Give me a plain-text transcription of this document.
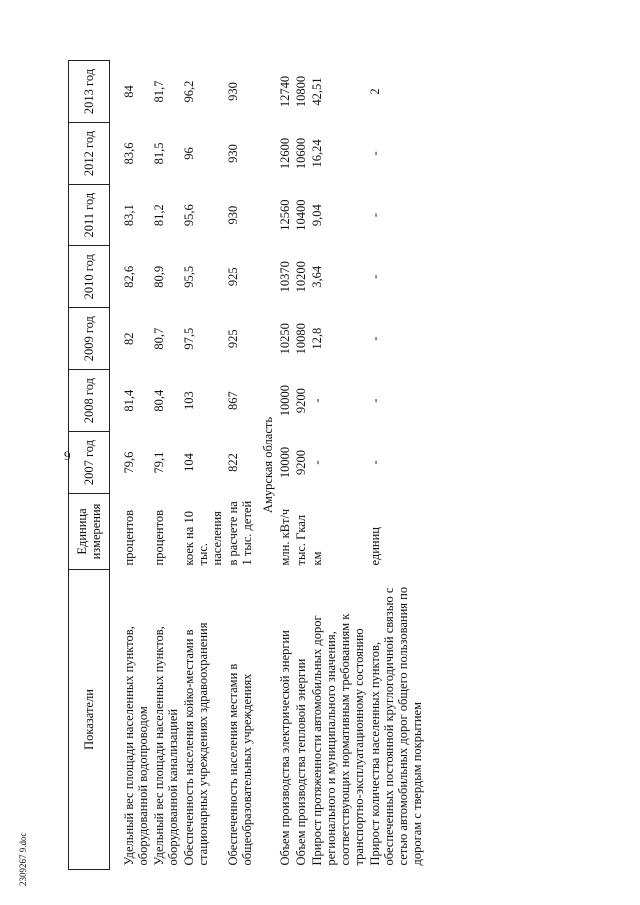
9
2309267 9.doc
Показатели	Единица измерения	2007 год	2008 год	2009 год	2010 год	2011 год	2012 год	2013 год
Удельный вес площади населенных пунктов, оборудованной водопроводом	процентов	79,6	81,4	82	82,6	83,1	83,6	84
Удельный вес площади населенных пунктов, оборудованной канализацией	процентов	79,1	80,4	80,7	80,9	81,2	81,5	81,7
Обеспеченность населения койко-местами в стационарных учреждениях здравоохранения	коек на 10 тыс. населения	104	103	97,5	95,5	95,6	96	96,2
Обеспеченность населения местами в общеобразовательных учреждениях	в расчете на 1 тыс. детей	822	867	925	925	930	930	930
Амурская область								
Объем производства электрической энергии	млн. кВт/ч	10000	10000	10250	10370	12560	12600	12740
Объем производства тепловой энергии	тыс. Гкал	9200	9200	10080	10200	10400	10600	10800
Прирост протяженности автомобильных дорог регионального и муниципального значения, соответствующих нормативным требованиям к транспортно-эксплуатационному состоянию	км	-	-	12,8	3,64	9,04	16,24	42,51
Прирост количества населенных пунктов, обеспеченных постоянной круглогодичной связью с сетью автомобильных дорог общего пользования по дорогам с твердым покрытием	единиц	-	-	-	-	-	-	2
